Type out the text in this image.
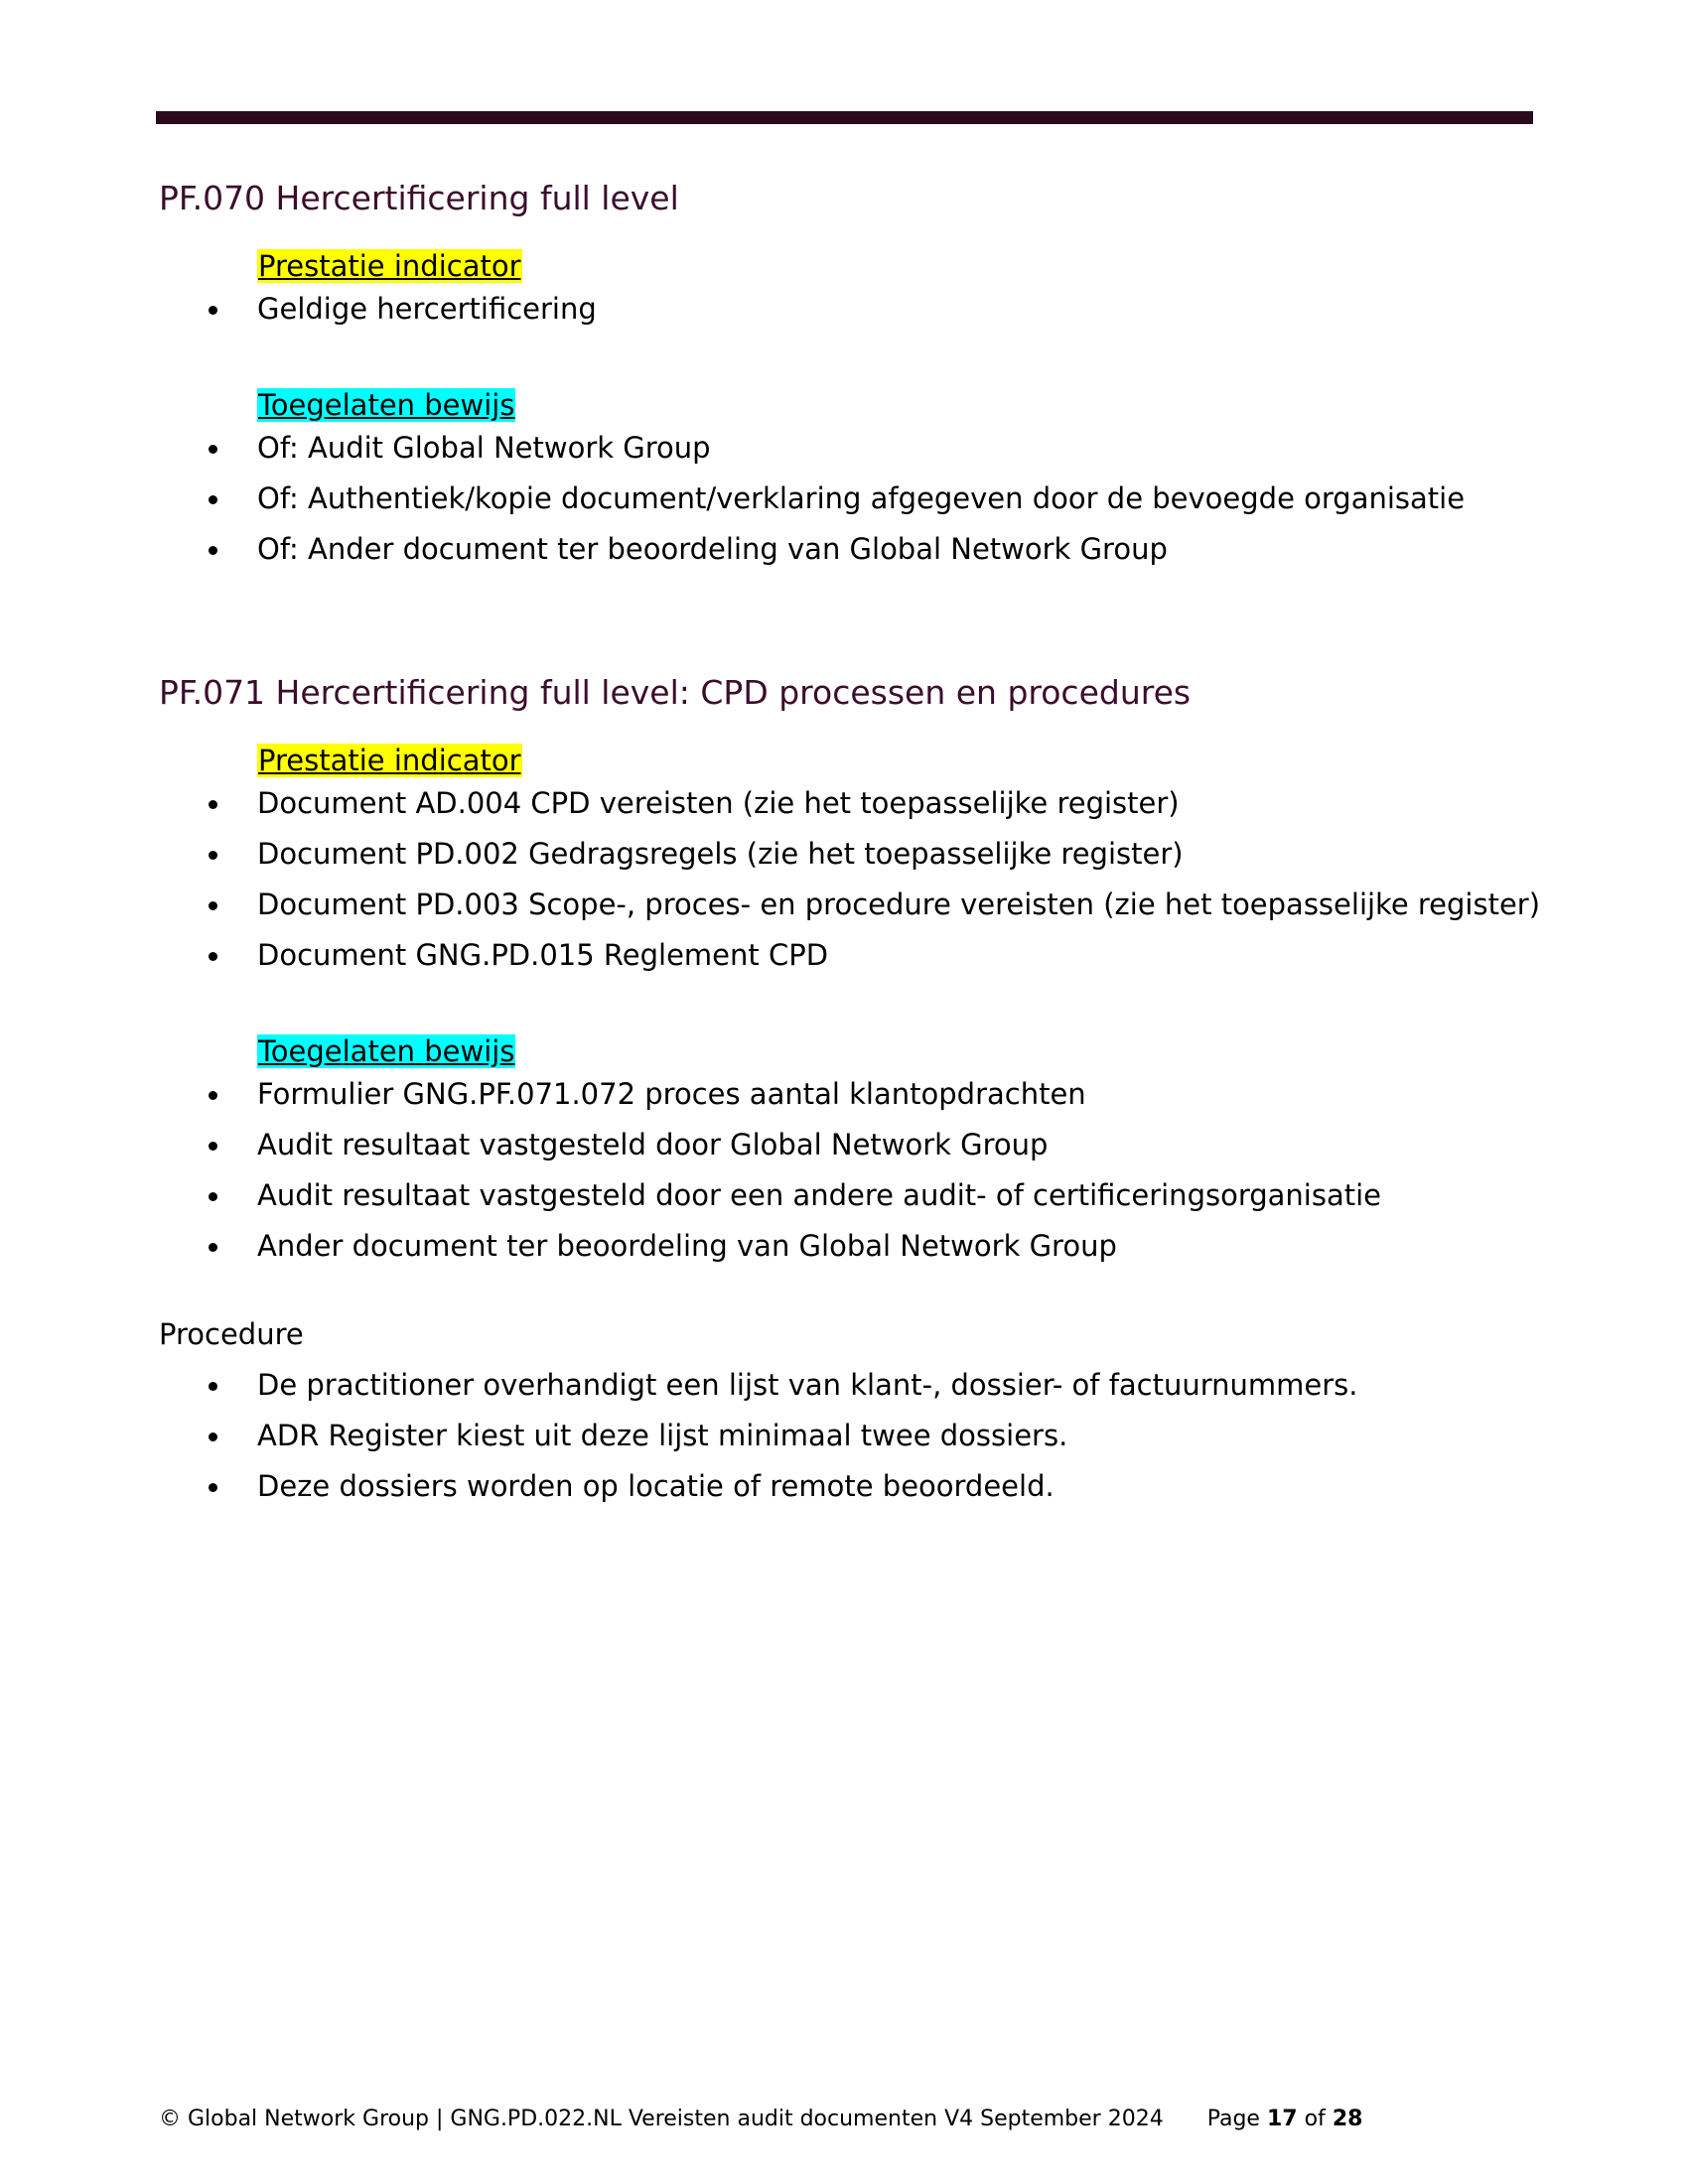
PF.070 Hercertificering full level
Prestatie indicator
Geldige hercertificering
Toegelaten bewijs
Of: Audit Global Network Group
Of: Authentiek/kopie document/verklaring afgegeven door de bevoegde organisatie
Of: Ander document ter beoordeling van Global Network Group
PF.071 Hercertificering full level: CPD processen en procedures
Prestatie indicator
Document AD.004 CPD vereisten (zie het toepasselijke register)
Document PD.002 Gedragsregels (zie het toepasselijke register)
Document PD.003 Scope-, proces- en procedure vereisten (zie het toepasselijke register)
Document GNG.PD.015 Reglement CPD
Toegelaten bewijs
Formulier GNG.PF.071.072 proces aantal klantopdrachten
Audit resultaat vastgesteld door Global Network Group
Audit resultaat vastgesteld door een andere audit- of certificeringsorganisatie
Ander document ter beoordeling van Global Network Group

Procedure

De practitioner overhandigt een lijst van klant-, dossier- of factuurnummers.
ADR Register kiest uit deze lijst minimaal twee dossiers.
Deze dossiers worden op locatie of remote beoordeeld.
© Global Network Group | GNG.PD.022.NL Vereisten audit documenten V4 September 2024 Page 17 of 28
